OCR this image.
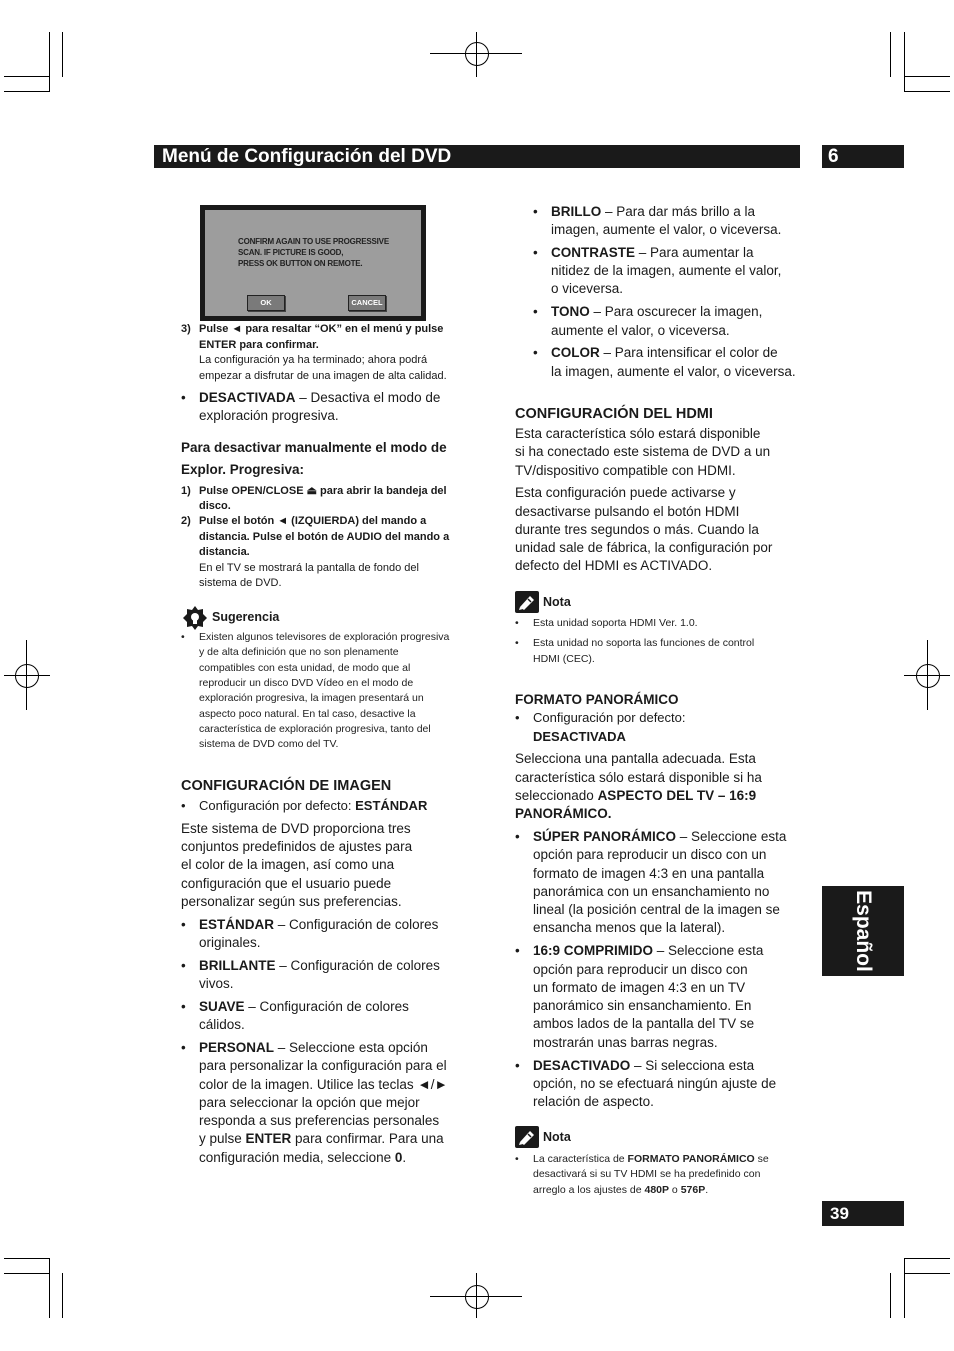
Menú de Configuración del DVD	6
Español
39
CONFIRM AGAIN TO USE PROGRESSIVE
SCAN. IF PICTURE IS GOOD,
PRESS OK BUTTON ON REMOTE.
OK	CANCEL
3) Pulse ◄ para resaltar “OK” en el menú y pulse
ENTER para confirmar.
La configuración ya ha terminado; ahora podrá
empezar a disfrutar de una imagen de alta calidad.
• DESACTIVADA – Desactiva el modo de
exploración progresiva.
Para desactivar manualmente el modo de
Explor. Progresiva:
1) Pulse OPEN/CLOSE ⏏ para abrir la bandeja del
disco.
2) Pulse el botón ◄ (IZQUIERDA) del mando a
distancia. Pulse el botón de AUDIO del mando a
distancia.
En el TV se mostrará la pantalla de fondo del
sistema de DVD.
Sugerencia
• Existen algunos televisores de exploración progresiva
y de alta definición que no son plenamente
compatibles con esta unidad, de modo que al
reproducir un disco DVD Vídeo en el modo de
exploración progresiva, la imagen presentará un
aspecto poco natural. En tal caso, desactive la
característica de exploración progresiva, tanto del
sistema de DVD como del TV.
CONFIGURACIÓN DE IMAGEN
• Configuración por defecto: ESTÁNDAR
Este sistema de DVD proporciona tres
conjuntos predefinidos de ajustes para
el color de la imagen, así como una
configuración que el usuario puede
personalizar según sus preferencias.
• ESTÁNDAR – Configuración de colores
originales.
• BRILLANTE – Configuración de colores
vivos.
• SUAVE – Configuración de colores
cálidos.
• PERSONAL – Seleccione esta opción
para personalizar la configuración para el
color de la imagen. Utilice las teclas ◄/►
para seleccionar la opción que mejor
responda a sus preferencias personales
y pulse ENTER para confirmar. Para una
configuración media, seleccione 0.
• BRILLO – Para dar más brillo a la
imagen, aumente el valor, o viceversa.
• CONTRASTE – Para aumentar la
nitidez de la imagen, aumente el valor,
o viceversa.
• TONO – Para oscurecer la imagen,
aumente el valor, o viceversa.
• COLOR – Para intensificar el color de
la imagen, aumente el valor, o viceversa.
CONFIGURACIÓN DEL HDMI
Esta característica sólo estará disponible
si ha conectado este sistema de DVD a un
TV/dispositivo compatible con HDMI.
Esta configuración puede activarse y
desactivarse pulsando el botón HDMI
durante tres segundos o más. Cuando la
unidad sale de fábrica, la configuración por
defecto del HDMI es ACTIVADO.
Nota
• Esta unidad soporta HDMI Ver. 1.0.
• Esta unidad no soporta las funciones de control
HDMI (CEC).
FORMATO PANORÁMICO
• Configuración por defecto:
DESACTIVADA
Selecciona una pantalla adecuada. Esta
característica sólo estará disponible si ha
seleccionado ASPECTO DEL TV – 16:9
PANORÁMICO.
• SÚPER PANORÁMICO – Seleccione esta
opción para reproducir un disco con un
formato de imagen 4:3 en una pantalla
panorámica con un ensanchamiento no
lineal (la posición central de la imagen se
ensancha menos que la lateral).
• 16:9 COMPRIMIDO – Seleccione esta
opción para reproducir un disco con
un formato de imagen 4:3 en un TV
panorámico sin ensanchamiento. En
ambos lados de la pantalla del TV se
mostrarán unas barras negras.
• DESACTIVADO – Si selecciona esta
opción, no se efectuará ningún ajuste de
relación de aspecto.
Nota
• La característica de FORMATO PANORÁMICO se
desactivará si su TV HDMI se ha predefinido con
arreglo a los ajustes de 480P o 576P.
